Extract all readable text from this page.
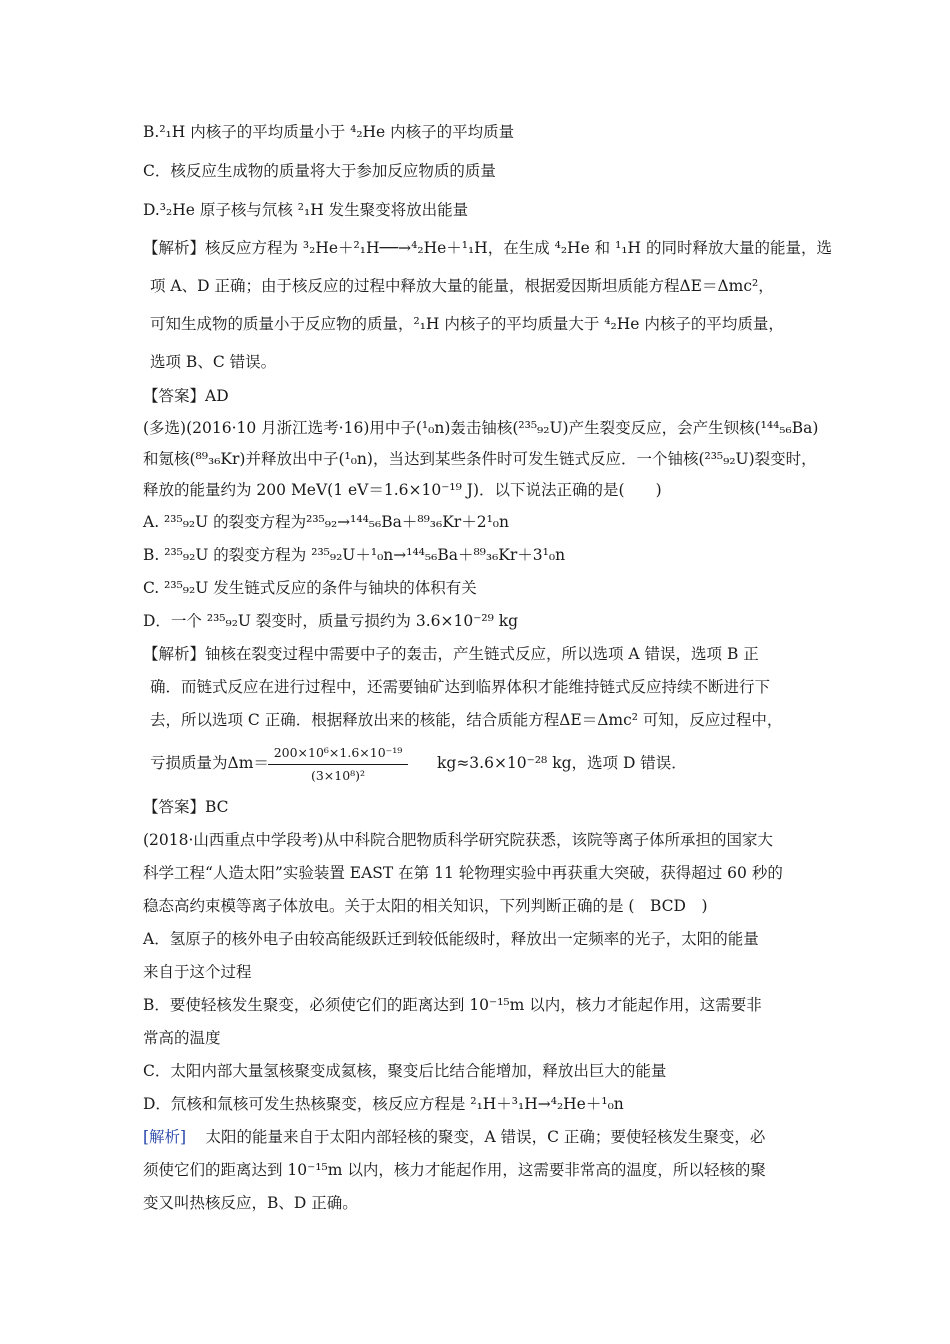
B.²₁H 内核子的平均质量小于 ⁴₂He 内核子的平均质量
C．核反应生成物的质量将大于参加反应物质的质量
D.³₂He 原子核与氘核 ²₁H 发生聚变将放出能量
【解析】核反应方程为 ³₂He＋²₁H──→⁴₂He＋¹₁H，在生成 ⁴₂He 和 ¹₁H 的同时释放大量的能量，选
项 A、D 正确；由于核反应的过程中释放大量的能量，根据爱因斯坦质能方程ΔE＝Δmc²，
可知生成物的质量小于反应物的质量，²₁H 内核子的平均质量大于 ⁴₂He 内核子的平均质量，
选项 B、C 错误。
【答案】AD
(多选)(2016·10 月浙江选考·16)用中子(¹₀n)轰击铀核(²³⁵₉₂U)产生裂变反应，会产生钡核(¹⁴⁴₅₆Ba)
和氪核(⁸⁹₃₆Kr)并释放出中子(¹₀n)，当达到某些条件时可发生链式反应．一个铀核(²³⁵₉₂U)裂变时，
释放的能量约为 200 MeV(1 eV＝1.6×10⁻¹⁹ J)．以下说法正确的是(　　)
A. ²³⁵₉₂U 的裂变方程为²³⁵₉₂→¹⁴⁴₅₆Ba＋⁸⁹₃₆Kr＋2¹₀n
B. ²³⁵₉₂U 的裂变方程为 ²³⁵₉₂U＋¹₀n→¹⁴⁴₅₆Ba＋⁸⁹₃₆Kr＋3¹₀n
C. ²³⁵₉₂U 发生链式反应的条件与铀块的体积有关
D．一个 ²³⁵₉₂U 裂变时，质量亏损约为 3.6×10⁻²⁹ kg
【解析】铀核在裂变过程中需要中子的轰击，产生链式反应，所以选项 A 错误，选项 B 正
确．而链式反应在进行过程中，还需要铀矿达到临界体积才能维持链式反应持续不断进行下
去，所以选项 C 正确．根据释放出来的核能，结合质能方程ΔE＝Δmc² 可知，反应过程中，
亏损质量为$\Delta m= \frac{\text{200×10⁶×1.6×10⁻¹⁹}}{\text{(3×10⁸)²}} kg\approx 3.6\times 10^{-28}$ kg，选项 D 错误．
【答案】BC
(2018·山西重点中学段考)从中科院合肥物质科学研究院获悉，该院等离子体所承担的国家大
科学工程“人造太阳”实验装置 EAST 在第 11 轮物理实验中再获重大突破，获得超过 60 秒的
稳态高约束模等离子体放电。关于太阳的相关知识，下列判断正确的是 (　BCD　)
A．氢原子的核外电子由较高能级跃迁到较低能级时，释放出一定频率的光子，太阳的能量
来自于这个过程
B．要使轻核发生聚变，必须使它们的距离达到 10⁻¹⁵m 以内，核力才能起作用，这需要非
常高的温度
C．太阳内部大量氢核聚变成氦核，聚变后比结合能增加，释放出巨大的能量
D．氘核和氚核可发生热核聚变，核反应方程是 ²₁H＋³₁H→⁴₂He＋¹₀n
[解析] 　太阳的能量来自于太阳内部轻核的聚变，A 错误，C 正确；要使轻核发生聚变，必
须使它们的距离达到 10⁻¹⁵m 以内，核力才能起作用，这需要非常高的温度，所以轻核的聚
变又叫热核反应，B、D 正确。
